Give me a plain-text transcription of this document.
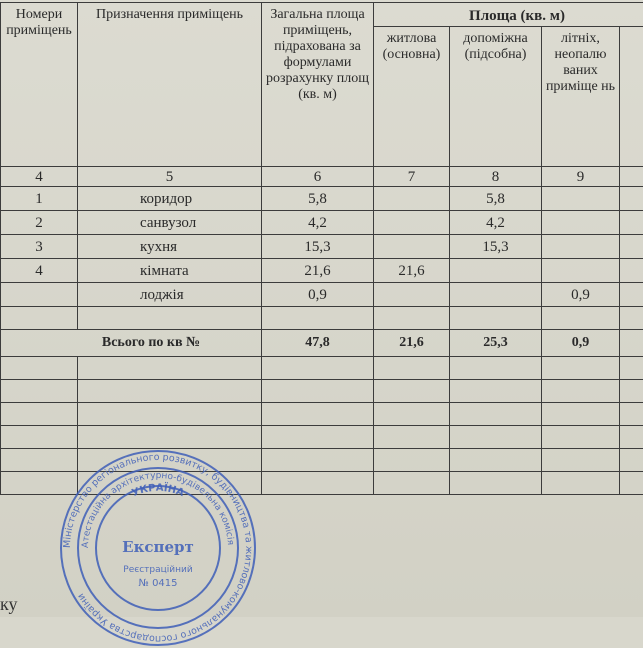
Номери приміщень	Призначення приміщень	Загальна площа приміщень, підрахована за формулами розрахунку площ (кв. м)	Площа (кв. м)			
			житлова (основна)	допоміжна (підсобна)	літніх, неопалю ваних приміще нь	
4	5	6	7	8	9	
1	коридор	5,8		5,8		
2	санвузол	4,2		4,2		
3	кухня	15,3		15,3		
4	кімната	21,6	21,6			
	лоджія	0,9			0,9	

Всього по кв №		47,8	21,6	25,3	0,9	

Міністерство регіонального розвитку, будівництва та житлово-комунального господарства України
Атестаційна архітектурно-будівельна комісія
УКРАЇНА
Експерт
Реєстраційний
№ 0415
ку
